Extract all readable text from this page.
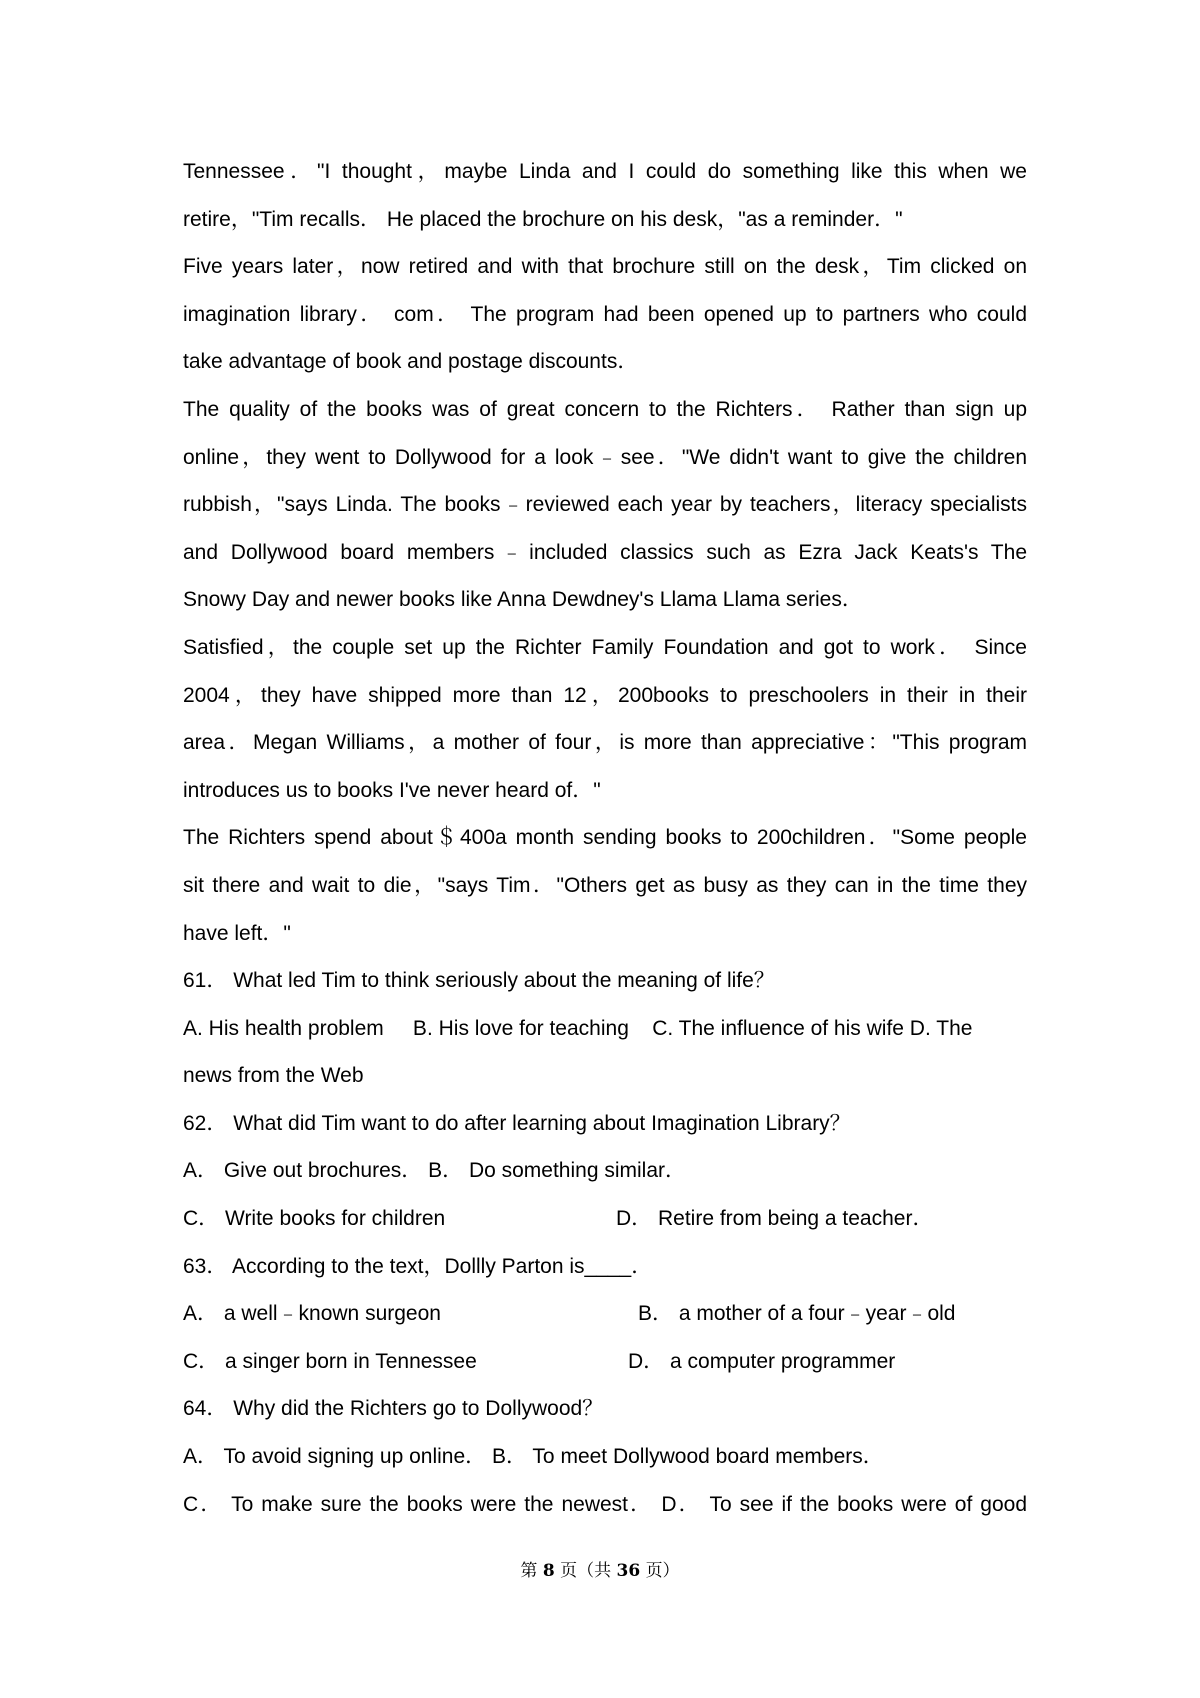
Tennessee．"I thought，maybe Linda and I could do something like this when we
retire，"Tim recalls． He placed the brochure on his desk，"as a reminder．"
Five years later，now retired and with that brochure still on the desk，Tim clicked on
imagination library． com． The program had been opened up to partners who could
take advantage of book and postage discounts．
The quality of the books was of great concern to the Richters． Rather than sign up
online，they went to Dollywood for a look﹣see．"We didn't want to give the children
rubbish，"says Linda. The books﹣reviewed each year by teachers，literacy specialists
and Dollywood board members﹣included classics such as Ezra Jack Keats's The
Snowy Day and newer books like Anna Dewdney's Llama Llama series．
Satisfied，the couple set up the Richter Family Foundation and got to work． Since
2004，they have shipped more than 12，200books to preschoolers in their in their
area．Megan Williams，a mother of four，is more than appreciative："This program
introduces us to books I've never heard of．"
The Richters spend about＄400a month sending books to 200children．"Some people
sit there and wait to die，"says Tim．"Others get as busy as they can in the time they
have left．"
61． What led Tim to think seriously about the meaning of life？
A. His health problem     B. His love for teaching    C. The influence of his wife D. The
news from the Web
62． What did Tim want to do after learning about Imagination Library？
A． Give out brochures． B． Do something similar．
C． Write books for children	D． Retire from being a teacher．
63． According to the text，Dollly Parton is____．
A． a well﹣known surgeon	B． a mother of a four﹣year﹣old
C． a singer born in Tennessee	D． a computer programmer
64． Why did the Richters go to Dollywood？
A． To avoid signing up online． B． To meet Dollywood board members．
C． To make sure the books were the newest． D． To see if the books were of good
第 8 页（共 36 页）
